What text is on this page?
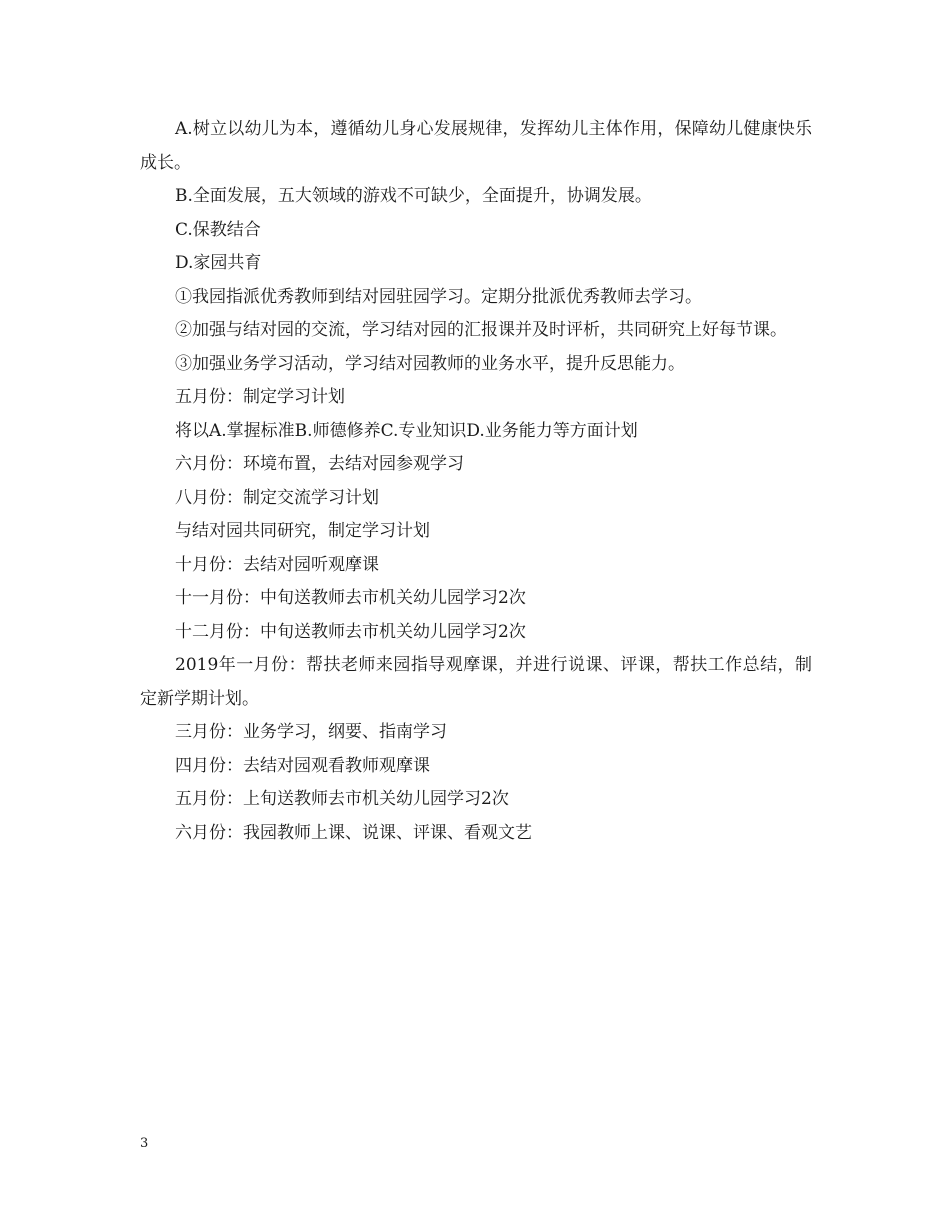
A.树立以幼儿为本，遵循幼儿身心发展规律，发挥幼儿主体作用，保障幼儿健康快乐成长。

B.全面发展，五大领域的游戏不可缺少，全面提升，协调发展。

C.保教结合

D.家园共育

①我园指派优秀教师到结对园驻园学习。定期分批派优秀教师去学习。

②加强与结对园的交流，学习结对园的汇报课并及时评析，共同研究上好每节课。

③加强业务学习活动，学习结对园教师的业务水平，提升反思能力。

五月份：制定学习计划

将以A.掌握标准B.师德修养C.专业知识D.业务能力等方面计划

六月份：环境布置，去结对园参观学习

八月份：制定交流学习计划

与结对园共同研究，制定学习计划

十月份：去结对园听观摩课

十一月份：中旬送教师去市机关幼儿园学习2次

十二月份：中旬送教师去市机关幼儿园学习2次

2019年一月份：帮扶老师来园指导观摩课，并进行说课、评课，帮扶工作总结，制定新学期计划。

三月份：业务学习，纲要、指南学习

四月份：去结对园观看教师观摩课

五月份：上旬送教师去市机关幼儿园学习2次

六月份：我园教师上课、说课、评课、看观文艺

3
